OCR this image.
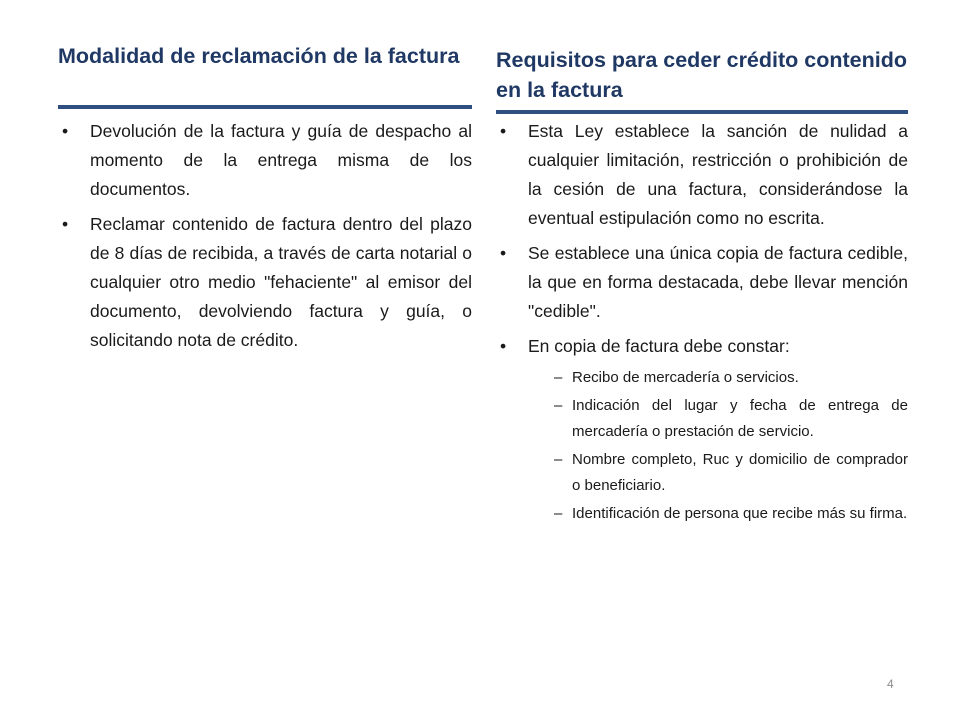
Modalidad de reclamación de la factura
• Devolución de la factura y guía de despacho al momento de la entrega misma de los documentos.
• Reclamar contenido de factura dentro del plazo de 8 días de recibida, a través de carta notarial o cualquier otro medio "fehaciente" al emisor del documento, devolviendo factura y guía, o solicitando nota de crédito.
Requisitos para ceder crédito contenido en la factura
• Esta Ley establece la sanción de nulidad a cualquier limitación, restricción o prohibición de la cesión de una factura, considerándose la eventual estipulación como no escrita.
• Se establece una única copia de factura cedible, la que en forma destacada, debe llevar mención "cedible".
• En copia de factura debe constar:
– Recibo de mercadería o servicios.
– Indicación del lugar y fecha de entrega de mercadería o prestación de servicio.
– Nombre completo, Ruc y domicilio de comprador o beneficiario.
– Identificación de persona que recibe más su firma.
4
